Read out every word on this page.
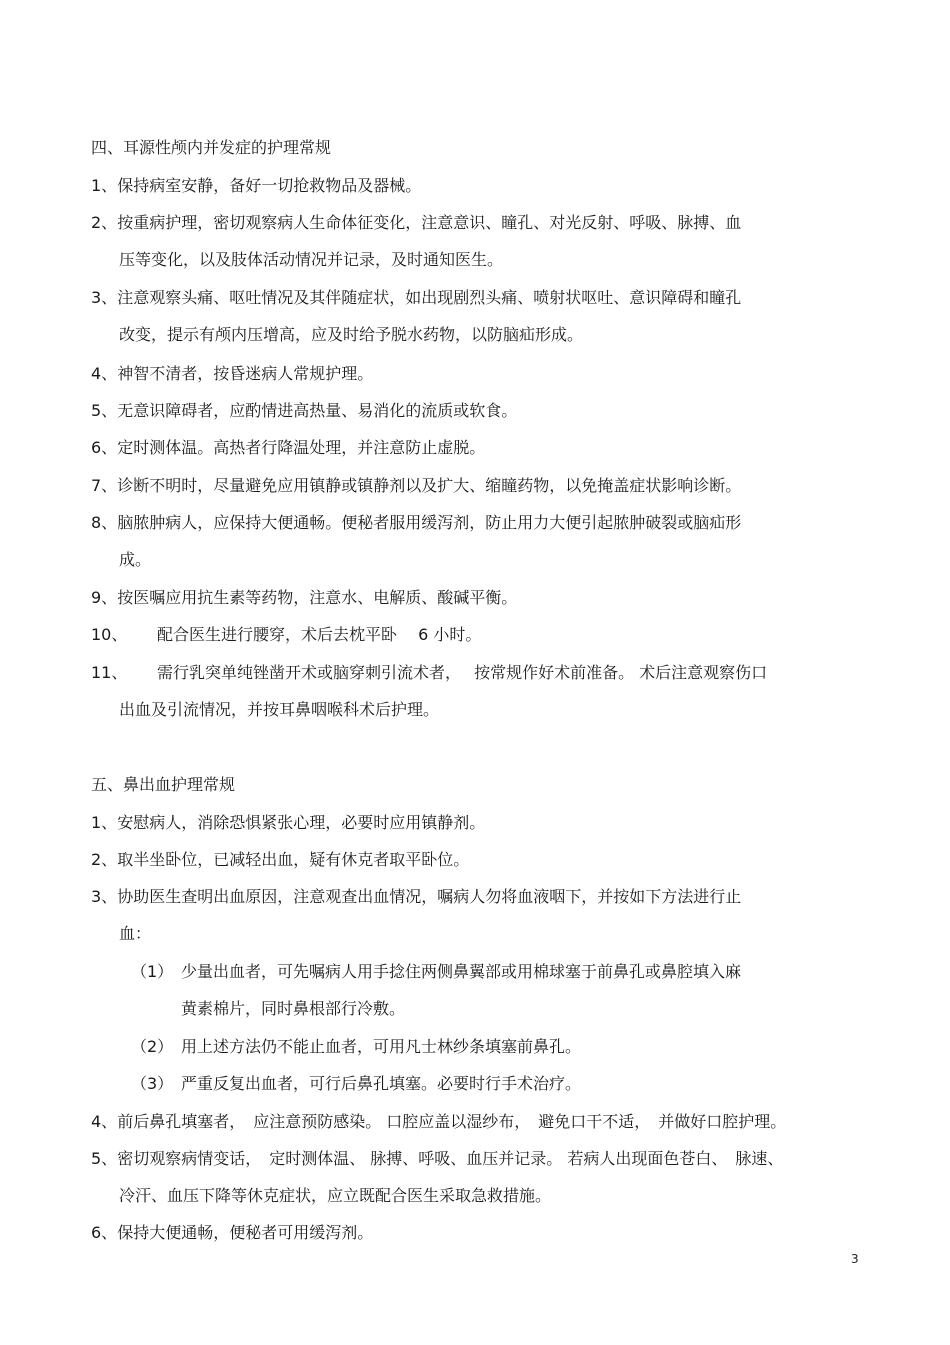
四、耳源性颅内并发症的护理常规
1、保持病室安静，备好一切抢救物品及器械。
2、按重病护理，密切观察病人生命体征变化，注意意识、瞳孔、对光反射、呼吸、脉搏、血
压等变化，以及肢体活动情况并记录，及时通知医生。
3、注意观察头痛、呕吐情况及其伴随症状，如出现剧烈头痛、喷射状呕吐、意识障碍和瞳孔
改变，提示有颅内压增高，应及时给予脱水药物，以防脑疝形成。
4、神智不清者，按昏迷病人常规护理。
5、无意识障碍者，应酌情进高热量、易消化的流质或软食。
6、定时测体温。高热者行降温处理，并注意防止虚脱。
7、诊断不明时，尽量避免应用镇静或镇静剂以及扩大、缩瞳药物，以免掩盖症状影响诊断。
8、脑脓肿病人，应保持大便通畅。便秘者服用缓泻剂，防止用力大便引起脓肿破裂或脑疝形
成。
9、按医嘱应用抗生素等药物，注意水、电解质、酸碱平衡。
10、 配合医生进行腰穿，术后去枕平卧　 6 小时。
11、 需行乳突单纯锉凿开术或脑穿刺引流术者，　 按常规作好术前准备。 术后注意观察伤口
出血及引流情况，并按耳鼻咽喉科术后护理。
五、鼻出血护理常规
1、安慰病人，消除恐惧紧张心理，必要时应用镇静剂。
2、取半坐卧位，已减轻出血，疑有休克者取平卧位。
3、协助医生查明出血原因，注意观查出血情况，嘱病人勿将血液咽下，并按如下方法进行止
血：
（1） 少量出血者，可先嘱病人用手捻住两侧鼻翼部或用棉球塞于前鼻孔或鼻腔填入麻
黄素棉片，同时鼻根部行冷敷。
（2） 用上述方法仍不能止血者，可用凡士林纱条填塞前鼻孔。
（3） 严重反复出血者，可行后鼻孔填塞。必要时行手术治疗。
4、前后鼻孔填塞者，　应注意预防感染。 口腔应盖以湿纱布，　避免口干不适，　并做好口腔护理。
5、密切观察病情变话，　定时测体温、 脉搏、呼吸、血压并记录。 若病人出现面色苍白、　脉速、
冷汗、血压下降等休克症状，应立既配合医生采取急救措施。
6、保持大便通畅，便秘者可用缓泻剂。
3
